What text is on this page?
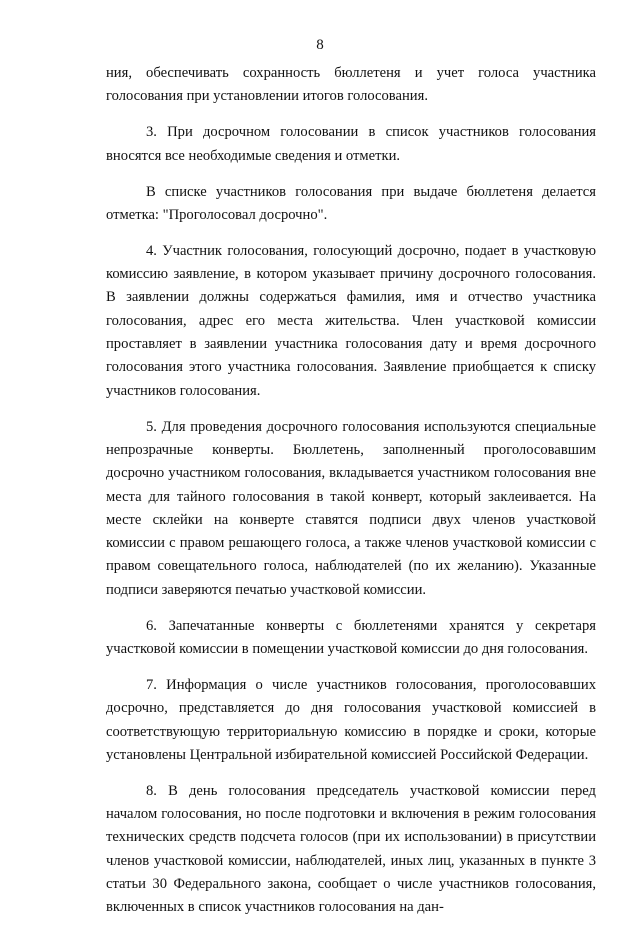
8

ния, обеспечивать сохранность бюллетеня и учет голоса участника голосования при установлении итогов голосования.

3. При досрочном голосовании в список участников голосования вносятся все необходимые сведения и отметки.

В списке участников голосования при выдаче бюллетеня делается отметка: "Проголосовал досрочно".

4. Участник голосования, голосующий досрочно, подает в участковую комиссию заявление, в котором указывает причину досрочного голосования. В заявлении должны содержаться фамилия, имя и отчество участника голосования, адрес его места жительства. Член участковой комиссии проставляет в заявлении участника голосования дату и время досрочного голосования этого участника голосования. Заявление приобщается к списку участников голосования.

5. Для проведения досрочного голосования используются специальные непрозрачные конверты. Бюллетень, заполненный проголосовавшим досрочно участником голосования, вкладывается участником голосования вне места для тайного голосования в такой конверт, который заклеивается. На месте склейки на конверте ставятся подписи двух членов участковой комиссии с правом решающего голоса, а также членов участковой комиссии с правом совещательного голоса, наблюдателей (по их желанию). Указанные подписи заверяются печатью участковой комиссии.

6. Запечатанные конверты с бюллетенями хранятся у секретаря участковой комиссии в помещении участковой комиссии до дня голосования.

7. Информация о числе участников голосования, проголосовавших досрочно, представляется до дня голосования участковой комиссией в соответствующую территориальную комиссию в порядке и сроки, которые установлены Центральной избирательной комиссией Российской Федерации.

8. В день голосования председатель участковой комиссии перед началом голосования, но после подготовки и включения в режим голосования технических средств подсчета голосов (при их использовании) в присутствии членов участковой комиссии, наблюдателей, иных лиц, указанных в пункте 3 статьи 30 Федерального закона, сообщает о числе участников голосования, включенных в список участников голосования на дан-
